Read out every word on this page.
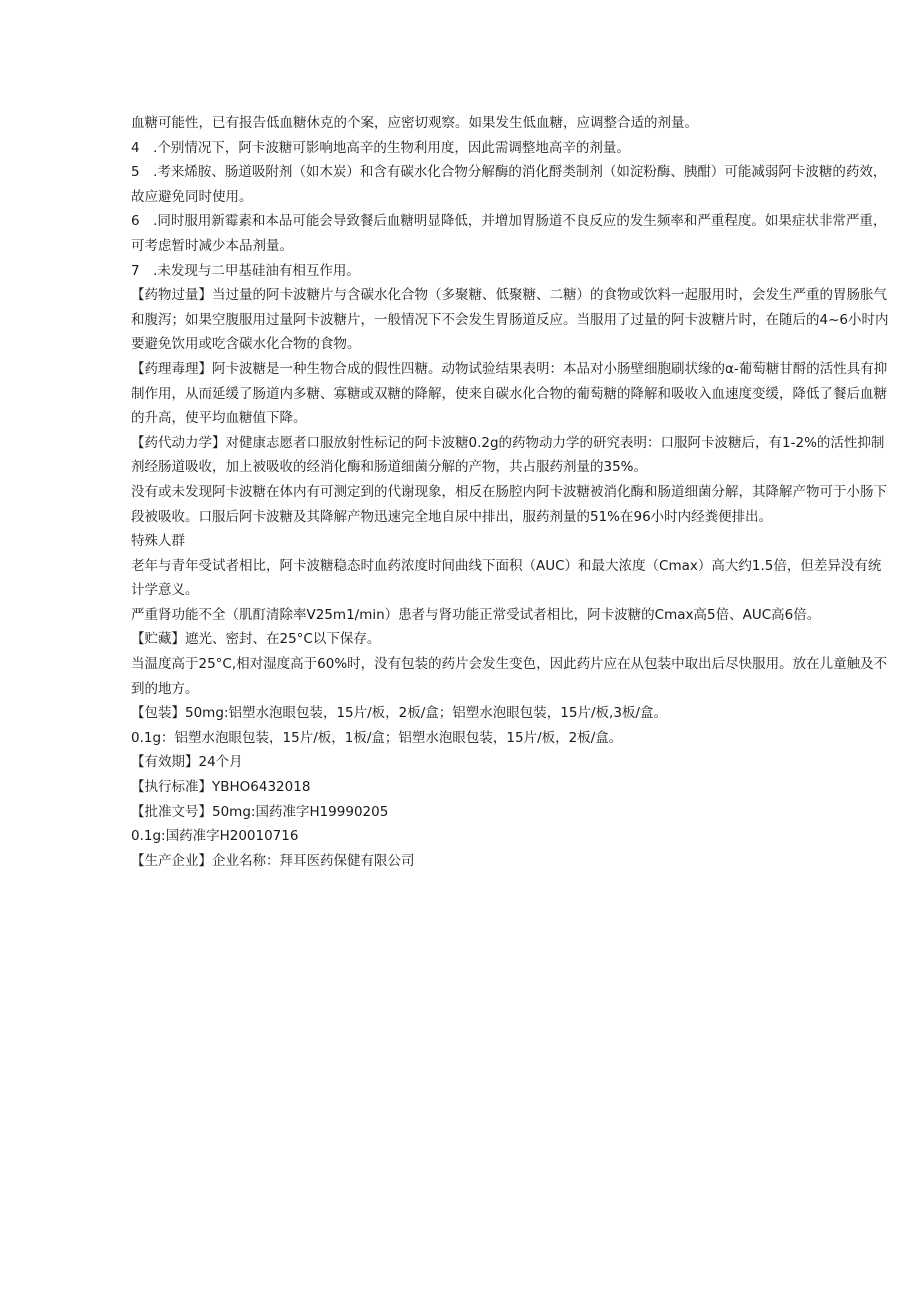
血糖可能性，已有报告低血糖休克的个案，应密切观察。如果发生低血糖，应调整合适的剂量。

4　.个别情况下，阿卡波糖可影响地高辛的生物利用度，因此需调整地高辛的剂量。

5　.考来烯胺、肠道吸附剂（如木炭）和含有碳水化合物分解酶的消化酹类制剂（如淀粉酶、胰酣）可能减弱阿卡波糖的药效，故应避免同时使用。

6　.同时服用新霉素和本品可能会导致餐后血糖明显降低，并增加胃肠道不良反应的发生频率和严重程度。如果症状非常严重，可考虑暂时减少本品剂量。

7　.未发现与二甲基硅油有相互作用。

【药物过量】当过量的阿卡波糖片与含碳水化合物（多聚糖、低聚糖、二糖）的食物或饮料一起服用时，会发生严重的胃肠胀气和腹泻；如果空腹服用过量阿卡波糖片，一般情况下不会发生胃肠道反应。当服用了过量的阿卡波糖片时，在随后的4~6小时内要避免饮用或吃含碳水化合物的食物。

【药理毒理】阿卡波糖是一种生物合成的假性四糖。动物试验结果表明：本品对小肠壁细胞刷状缘的α-葡萄糖甘酹的活性具有抑制作用，从而延缓了肠道内多糖、寡糖或双糖的降解，使来自碳水化合物的葡萄糖的降解和吸收入血速度变缓，降低了餐后血糖的升高，使平均血糖值下降。

【药代动力学】对健康志愿者口服放射性标记的阿卡波糖0.2g的药物动力学的研究表明：口服阿卡波糖后，有1-2%的活性抑制剂经肠道吸收，加上被吸收的经消化酶和肠道细菌分解的产物，共占服药剂量的35%。

没有或未发现阿卡波糖在体内有可测定到的代谢现象，相反在肠腔内阿卡波糖被消化酶和肠道细菌分解，其降解产物可于小肠下段被吸收。口服后阿卡波糖及其降解产物迅速完全地自尿中排出，服药剂量的51%在96小时内经粪便排出。

特殊人群

老年与青年受试者相比，阿卡波糖稳态时血药浓度时间曲线下面积（AUC）和最大浓度（Cmax）高大约1.5倍，但差异没有统计学意义。

严重肾功能不全（肌酊清除率V25m1∕min）患者与肾功能正常受试者相比，阿卡波糖的Cmax高5倍、AUC高6倍。

【贮藏】遮光、密封、在25°C以下保存。

当温度高于25°C,相对湿度高于60%时，没有包装的药片会发生变色，因此药片应在从包装中取出后尽快服用。放在儿童触及不到的地方。

【包装】50mg:铝塑水泡眼包装，15片/板，2板/盒；铝塑水泡眼包装，15片/板,3板/盒。

0.1g：铝塑水泡眼包装，15片/板，1板/盒；铝塑水泡眼包装，15片/板，2板/盒。

【有效期】24个月

【执行标准】YBHO6432018

【批准文号】50mg:国药准字H19990205

0.1g:国药准字H20010716

【生产企业】企业名称：拜耳医药保健有限公司
